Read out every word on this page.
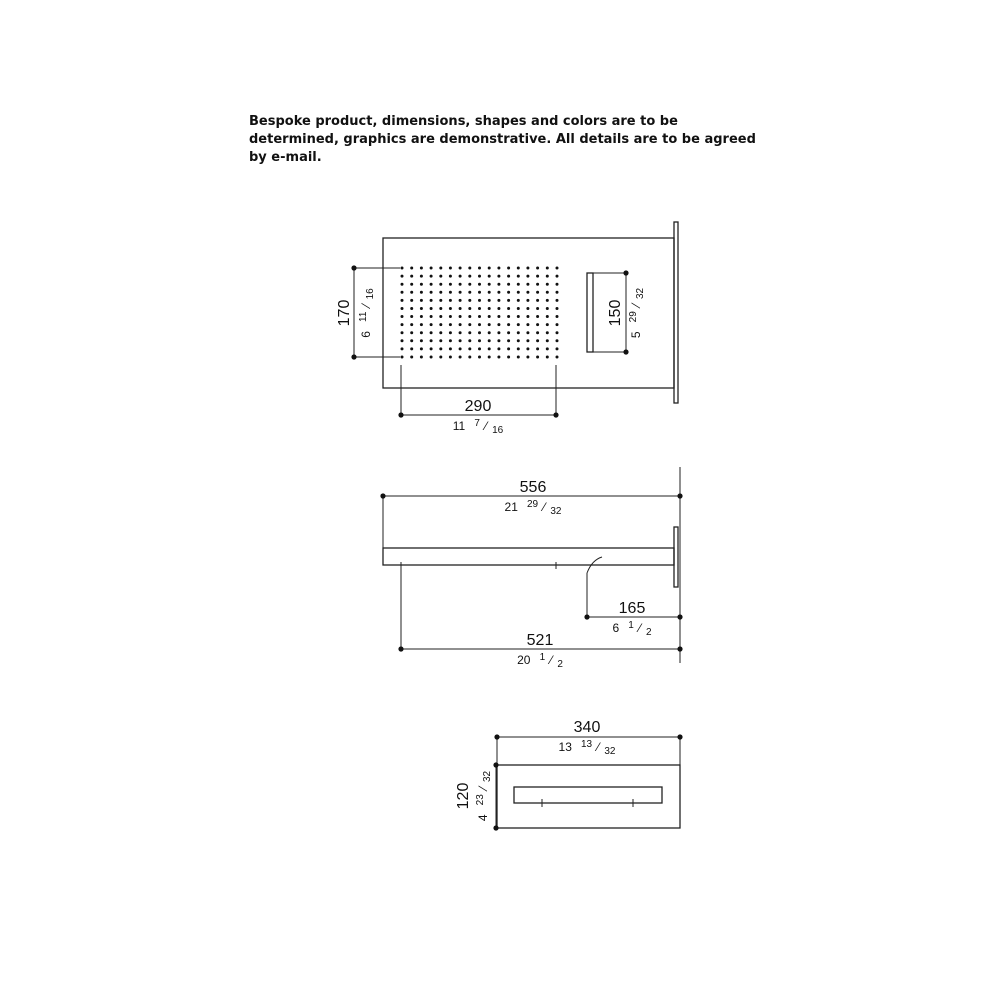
Bespoke product, dimensions, shapes and colors are to be determined, graphics are demonstrative. All details are to be agreed by e-mail.

170
6 $^{11}$ $_⁄$ 16
150
5 $^{29}$ $_⁄$ 32
290
11 $^7$ $_⁄$ 16
556
21 $^{29}$ $_⁄$ 32
165
6 $^1$ $_⁄$ 2
521
20 $^1$ $_⁄$ 2
340
13 $^{13}$ $_⁄$ 32
120
4 $^{23}$ $_⁄$ 32
